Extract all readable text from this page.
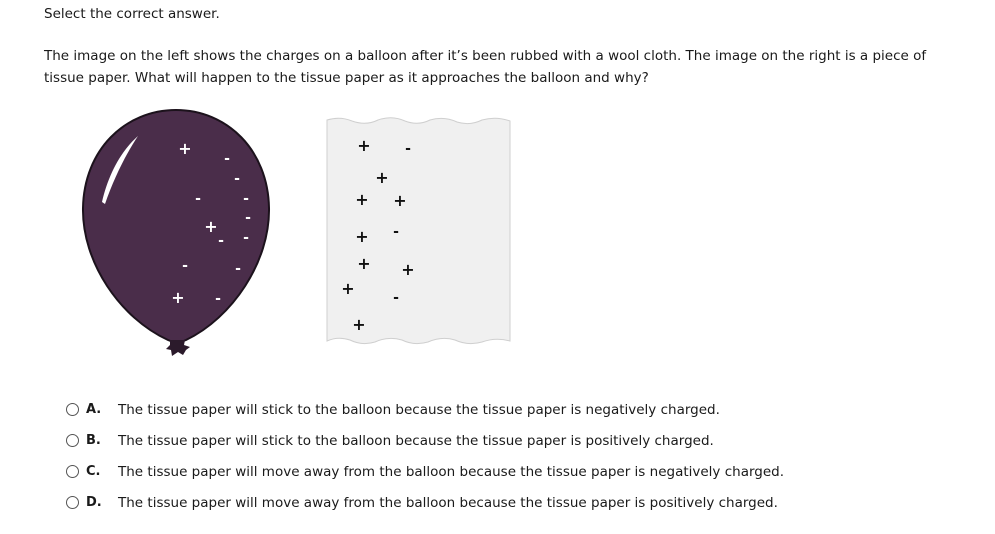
Select the correct answer.
The image on the left shows the charges on a balloon after it’s been rubbed with a wool cloth. The image on the right is a piece of tissue paper. What will happen to the tissue paper as it approaches the balloon and why?
+
-
-
-	-
+ -
- -
-	-
+ -
+ -
+
+ +
+ -
+ +
+	-
+
A.	The tissue paper will stick to the balloon because the tissue paper is negatively charged.
B.	The tissue paper will stick to the balloon because the tissue paper is positively charged.
C.	The tissue paper will move away from the balloon because the tissue paper is negatively charged.
D.	The tissue paper will move away from the balloon because the tissue paper is positively charged.
